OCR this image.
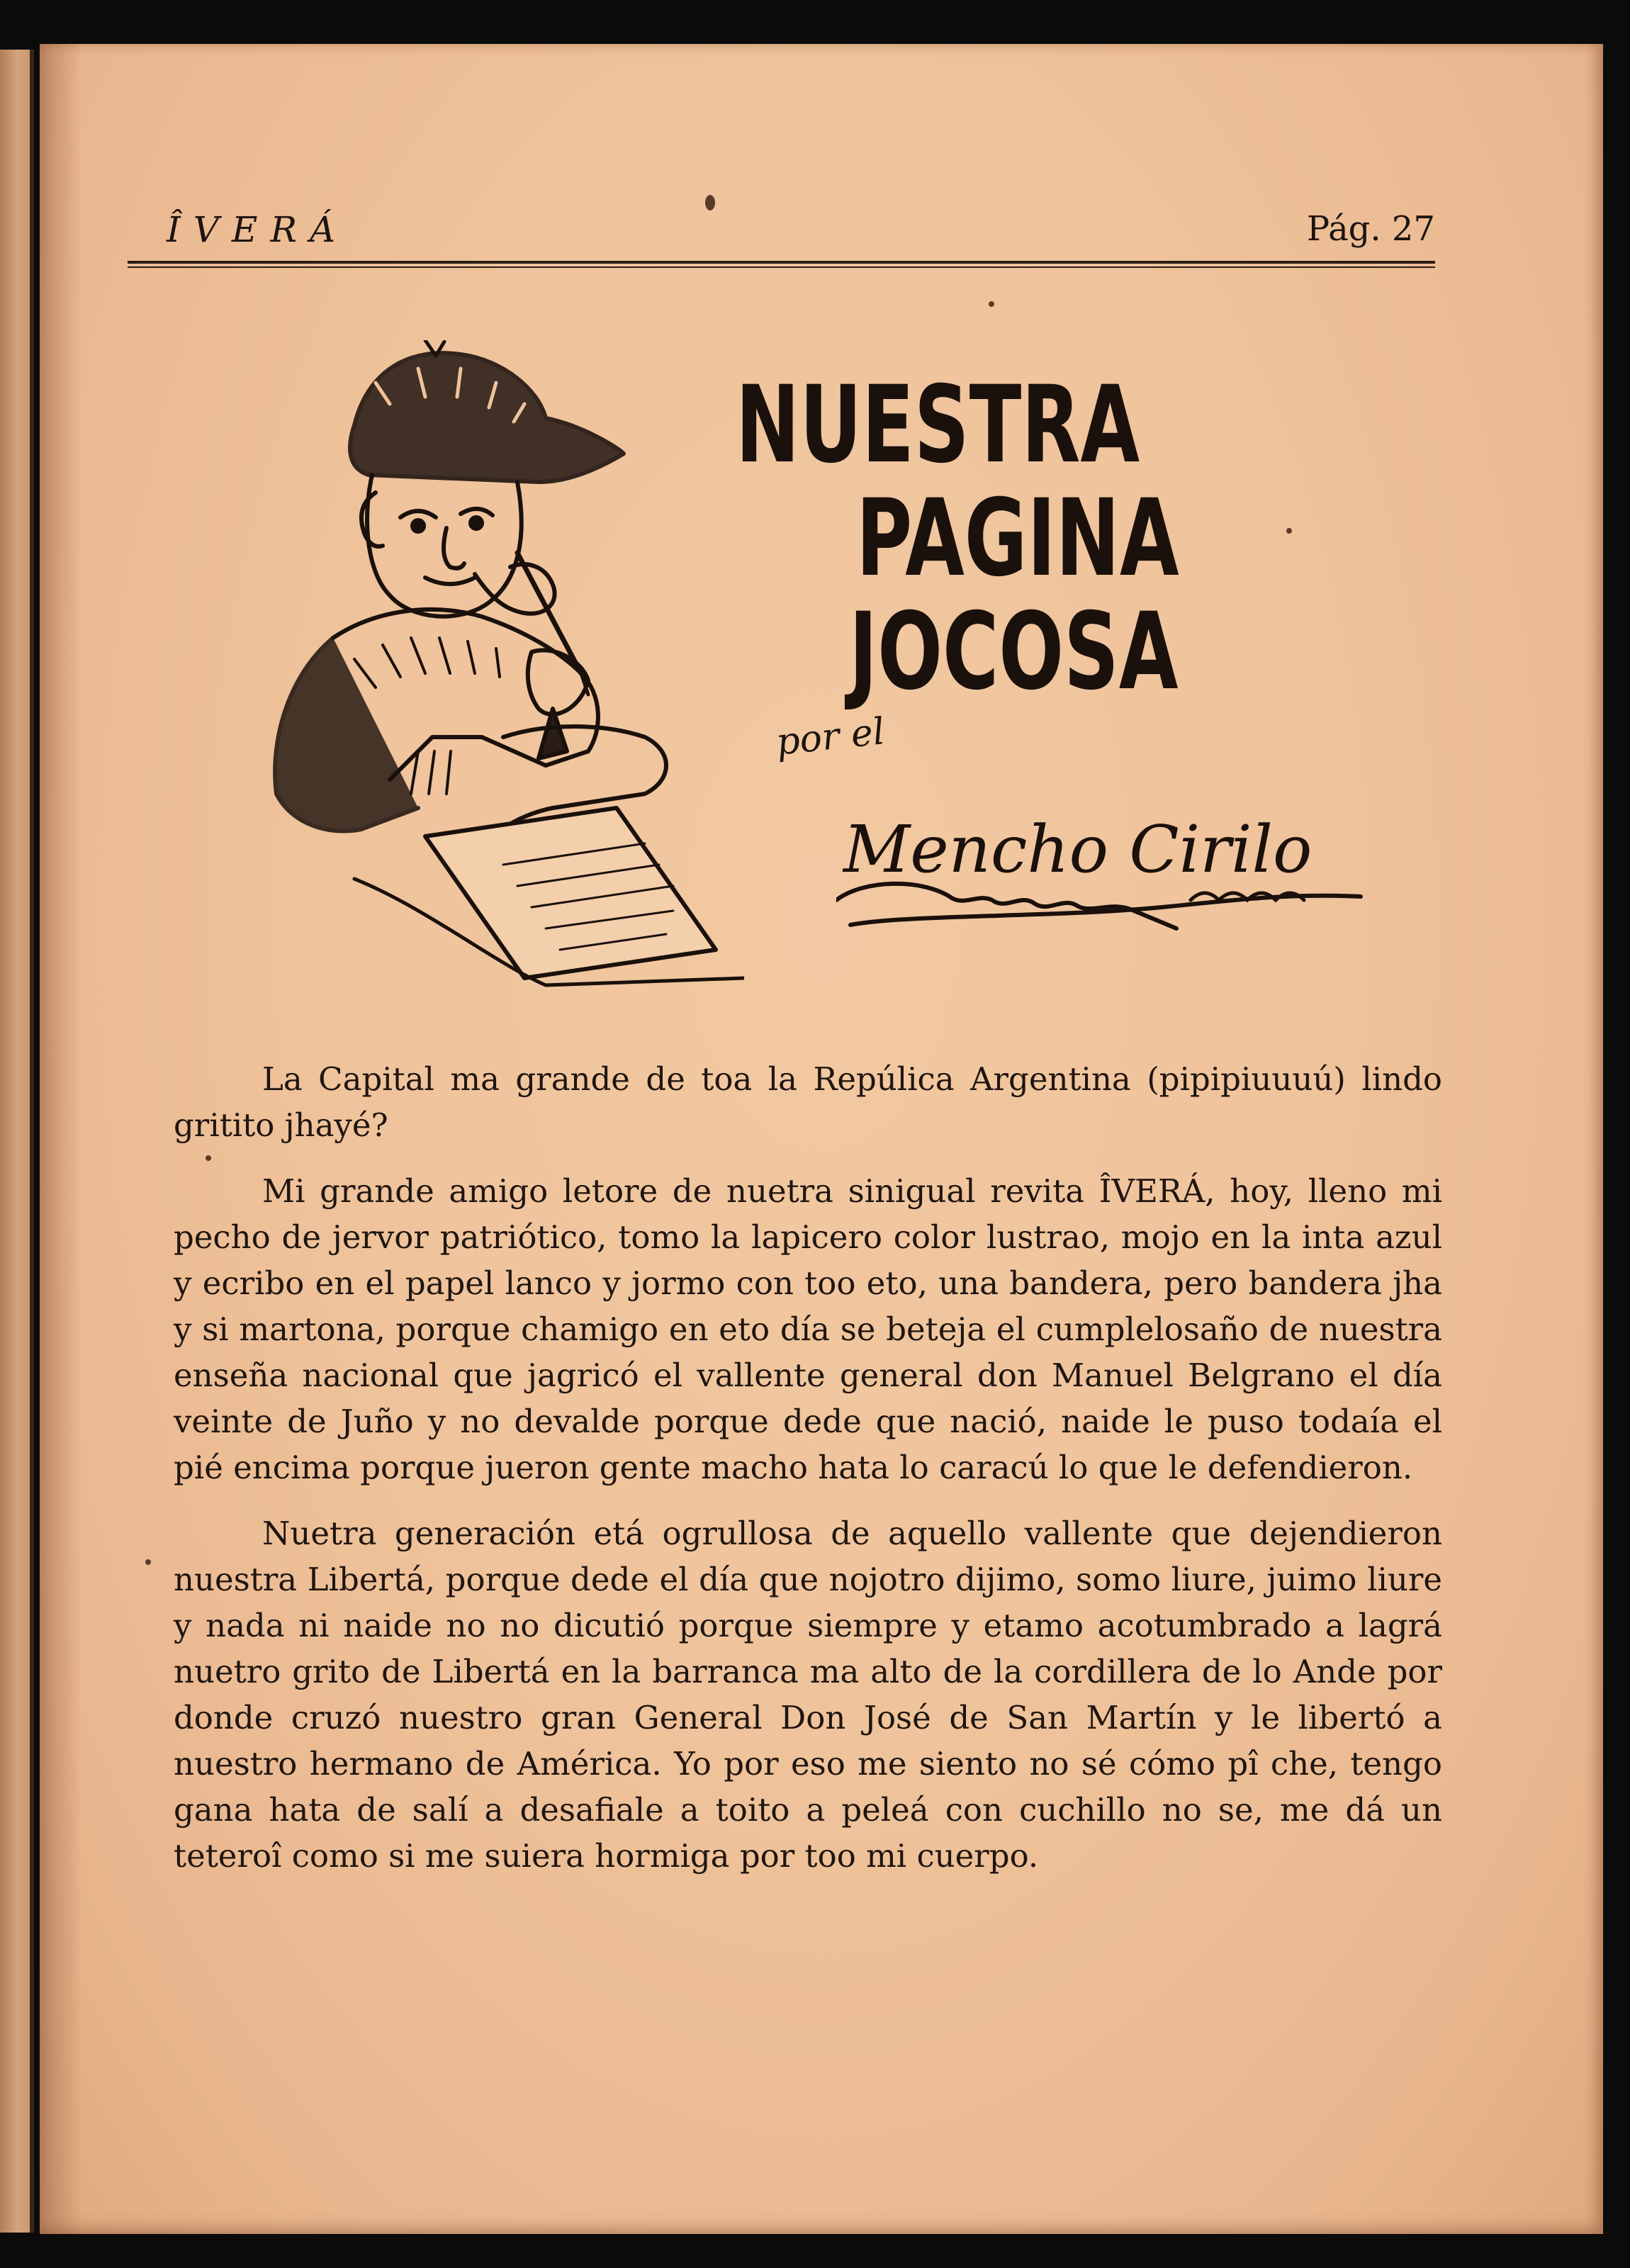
ÎVERÁ	Pág. 27
NUESTRA
PAGINA
JOCOSA
por el
Mencho Cirilo

La Capital ma grande de toa la Repúlica Argentina (pipipiuuuú) lindo gritito jhayé?

Mi grande amigo letore de nuetra sinigual revita ÎVERÁ, hoy, lleno mi pecho de jervor patriótico, tomo la lapicero color lustrao, mojo en la inta azul y ecribo en el papel lanco y jormo con too eto, una bandera, pero bandera jha y si martona, porque chamigo en eto día se beteja el cumplelosaño de nuestra enseña nacional que jagricó el vallente general don Manuel Belgrano el día veinte de Juño y no devalde porque dede que nació, naide le puso todaía el pié encima porque jueron gente macho hata lo caracú lo que le defendieron.

Nuetra generación etá ogrullosa de aquello vallente que dejendieron nuestra Libertá, porque dede el día que nojotro dijimo, somo liure, juimo liure y nada ni naide no no dicutió porque siempre y etamo acotumbrado a lagrá nuetro grito de Libertá en la barranca ma alto de la cordillera de lo Ande por donde cruzó nuestro gran General Don José de San Martín y le libertó a nuestro hermano de América. Yo por eso me siento no sé cómo pî che, tengo gana hata de salí a desafiale a toito a peleá con cuchillo no se, me dá un teteroî como si me suiera hormiga por too mi cuerpo.
